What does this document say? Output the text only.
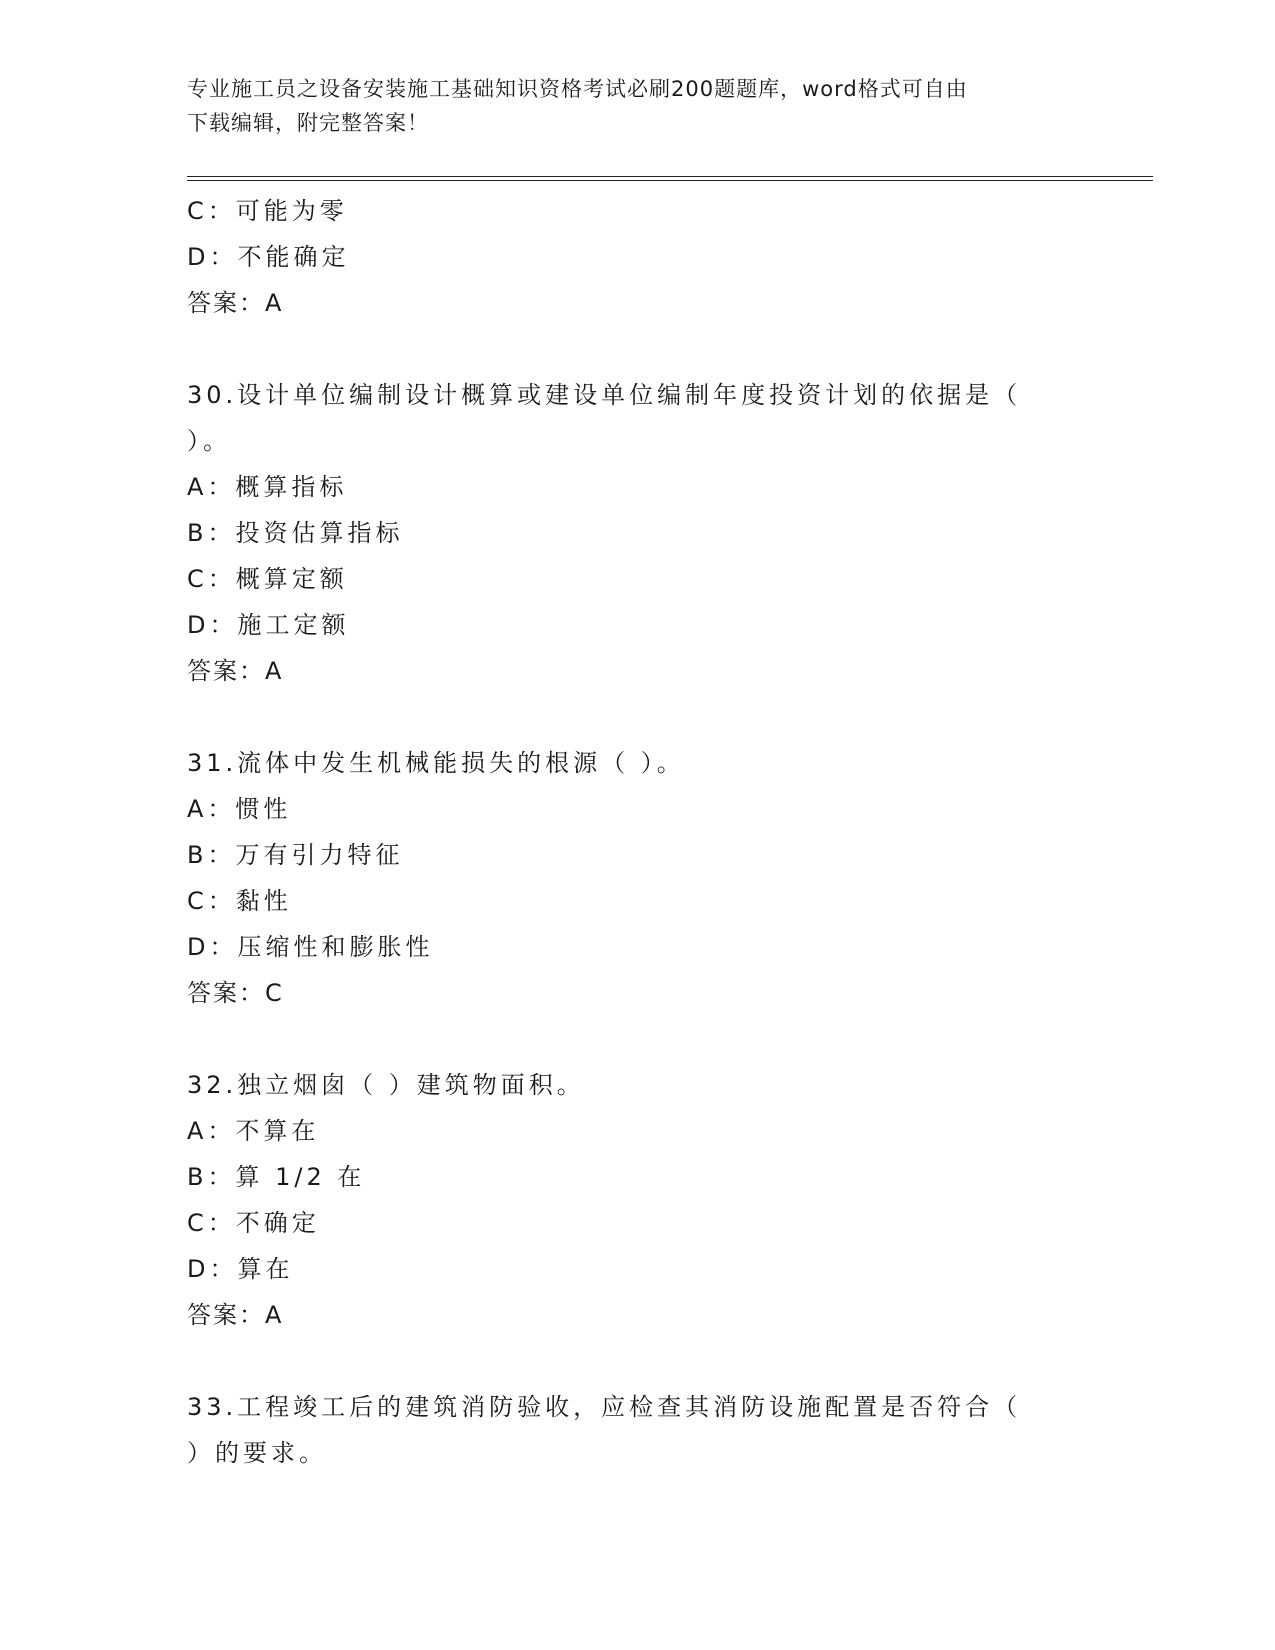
专业施工员之设备安装施工基础知识资格考试必刷200题题库，word格式可自由
下载编辑，附完整答案！
C：可能为零
D：不能确定
答案：A
30.设计单位编制设计概算或建设单位编制年度投资计划的依据是（
）。
A：概算指标
B：投资估算指标
C：概算定额
D：施工定额
答案：A
31.流体中发生机械能损失的根源（ ）。
A：惯性
B：万有引力特征
C：黏性
D：压缩性和膨胀性
答案：C
32.独立烟囱（ ）建筑物面积。
A：不算在
B：算 1/2 在
C：不确定
D：算在
答案：A
33.工程竣工后的建筑消防验收，应检查其消防设施配置是否符合（
）的要求。
